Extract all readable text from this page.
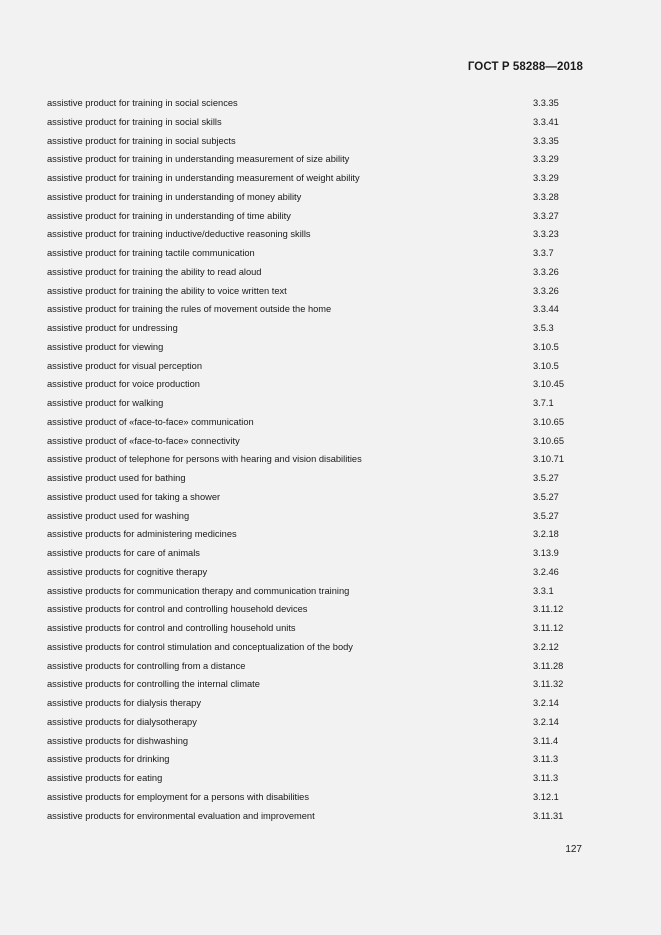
ГОСТ Р 58288—2018
assistive product for training in social sciences	3.3.35
assistive product for training in social skills	3.3.41
assistive product for training in social subjects	3.3.35
assistive product for training in understanding measurement of size ability	3.3.29
assistive product for training in understanding measurement of weight ability	3.3.29
assistive product for training in understanding of money ability	3.3.28
assistive product for training in understanding of time ability	3.3.27
assistive product for training inductive/deductive reasoning skills	3.3.23
assistive product for training tactile communication	3.3.7
assistive product for training the ability to read aloud	3.3.26
assistive product for training the ability to voice written text	3.3.26
assistive product for training the rules of movement outside the home	3.3.44
assistive product for undressing	3.5.3
assistive product for viewing	3.10.5
assistive product for visual perception	3.10.5
assistive product for voice production	3.10.45
assistive product for walking	3.7.1
assistive product of «face-to-face» communication	3.10.65
assistive product of «face-to-face» connectivity	3.10.65
assistive product of telephone for persons with hearing and vision disabilities	3.10.71
assistive product used for bathing	3.5.27
assistive product used for taking a shower	3.5.27
assistive product used for washing	3.5.27
assistive products for administering medicines	3.2.18
assistive products for care of animals	3.13.9
assistive products for cognitive therapy	3.2.46
assistive products for communication therapy and communication training	3.3.1
assistive products for control and controlling household devices	3.11.12
assistive products for control and controlling household units	3.11.12
assistive products for control stimulation and conceptualization of the body	3.2.12
assistive products for controlling from a distance	3.11.28
assistive products for controlling the internal climate	3.11.32
assistive products for dialysis therapy	3.2.14
assistive products for dialysotherapy	3.2.14
assistive products for dishwashing	3.11.4
assistive products for drinking	3.11.3
assistive products for eating	3.11.3
assistive products for employment for a persons with disabilities	3.12.1
assistive products for environmental evaluation and improvement	3.11.31
127
